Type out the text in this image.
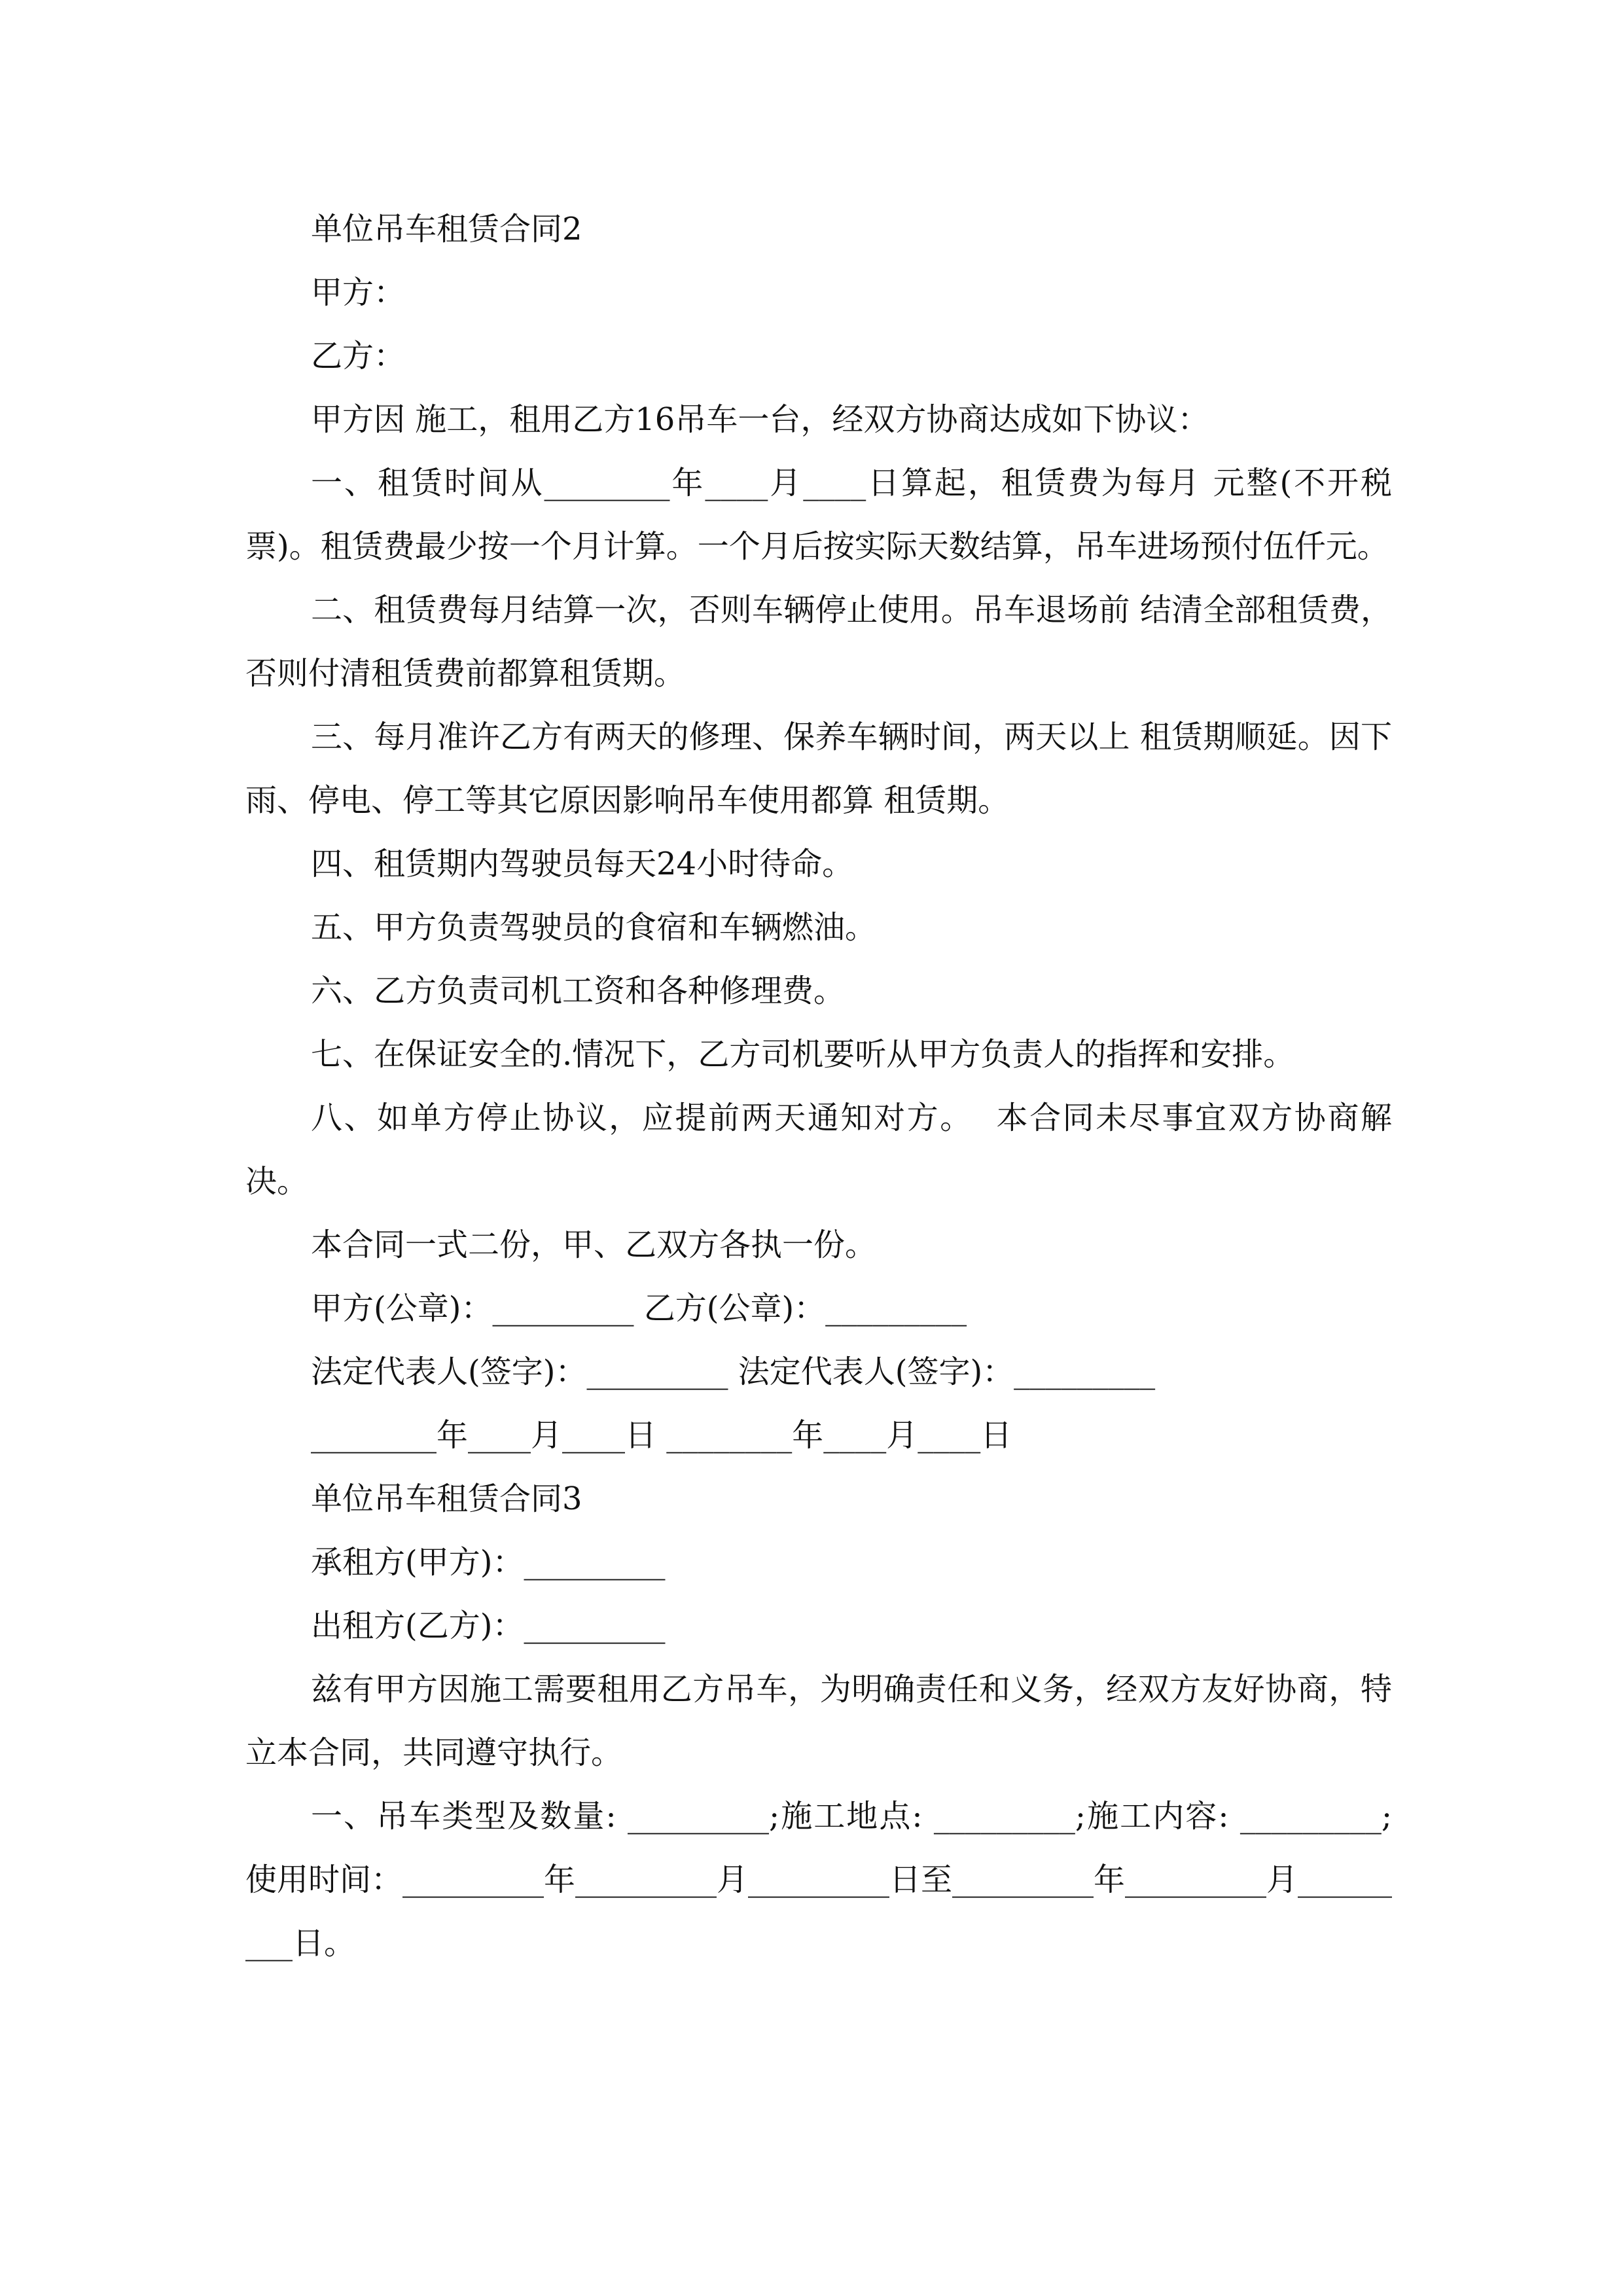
单位吊车租赁合同2

甲方：

乙方：

甲方因 施工，租用乙方16吊车一台，经双方协商达成如下协议：

一、租赁时间从________年____月____日算起，租赁费为每月 元整(不开税票)。租赁费最少按一个月计算。一个月后按实际天数结算，吊车进场预付伍仟元。

二、租赁费每月结算一次，否则车辆停止使用。吊车退场前 结清全部租赁费，否则付清租赁费前都算租赁期。

三、每月准许乙方有两天的修理、保养车辆时间，两天以上 租赁期顺延。因下雨、停电、停工等其它原因影响吊车使用都算 租赁期。

四、租赁期内驾驶员每天24小时待命。

五、甲方负责驾驶员的食宿和车辆燃油。

六、乙方负责司机工资和各种修理费。

七、在保证安全的.情况下，乙方司机要听从甲方负责人的指挥和安排。

八、如单方停止协议，应提前两天通知对方。  本合同未尽事宜双方协商解决。

本合同一式二份，甲、乙双方各执一份。

甲方(公章)：_________ 乙方(公章)：_________

法定代表人(签字)：_________ 法定代表人(签字)：_________

________年____月____日 ________年____月____日

单位吊车租赁合同3

承租方(甲方)：_________

出租方(乙方)：_________

兹有甲方因施工需要租用乙方吊车，为明确责任和义务，经双方友好协商，特立本合同，共同遵守执行。

一、吊车类型及数量: _________;施工地点: _________;施工内容: _________;使用时间：_________年_________月_________日至_________年_________月_________日。
